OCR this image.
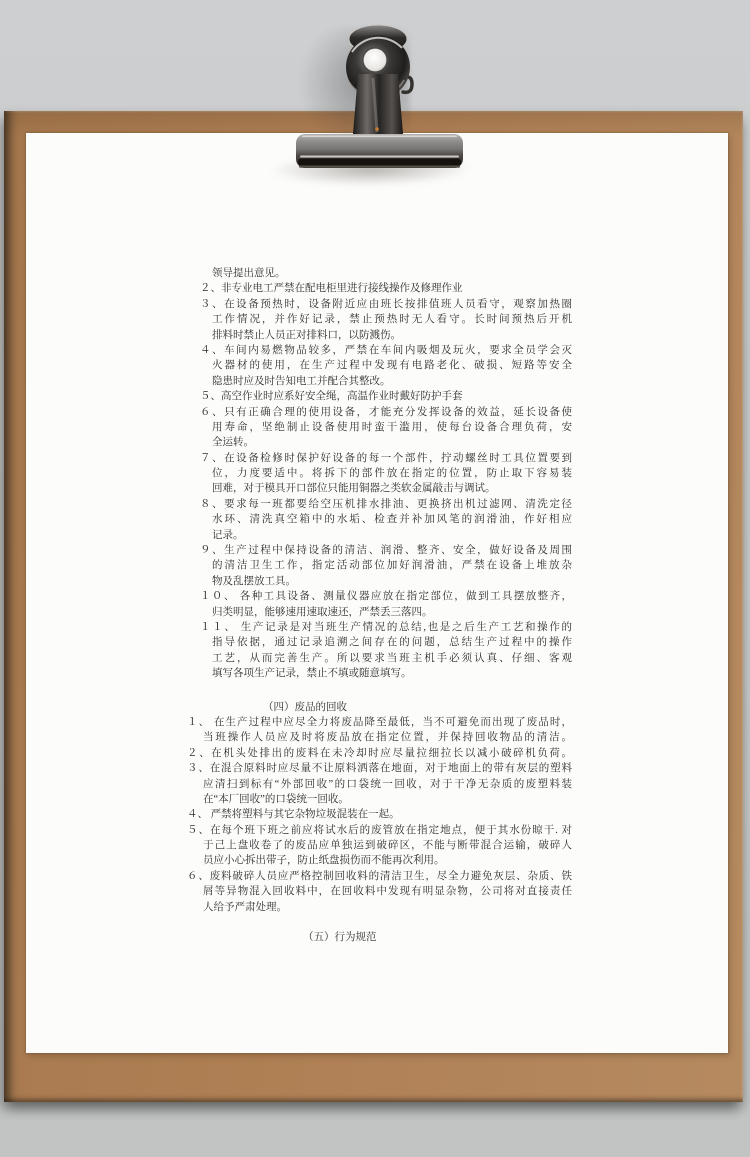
领导提出意见。
２、非专业电工严禁在配电柜里进行接线操作及修理作业
３、在设备预热时，设备附近应由班长按排值班人员看守，观察加热圈
工作情况，并作好记录，禁止预热时无人看守。长时间预热后开机
排料时禁止人员正对排料口，以防溅伤。
４、车间内易燃物品较多，严禁在车间内吸烟及玩火，要求全员学会灭
火器材的使用，在生产过程中发现有电路老化、破损、短路等安全
隐患时应及时告知电工并配合其整改。
５、高空作业时应系好安全绳，高温作业时戴好防护手套
６、只有正确合理的使用设备，才能充分发挥设备的效益，延长设备使
用寿命，坚绝制止设备使用时蛮干滥用，使每台设备合理负荷，安
全运转。
７、在设备检修时保护好设备的每一个部件，拧动螺丝时工具位置要到
位，力度要适中。将拆下的部件放在指定的位置，防止取下容易装
回难，对于模具开口部位只能用铜器之类软金属敲击与调试。
８、要求每一班都要给空压机排水排油、更换挤出机过滤网、清洗定径
水环、清洗真空箱中的水垢、检查并补加风笔的润滑油，作好相应
记录。
９、生产过程中保持设备的清洁、润滑、整齐、安全，做好设备及周围
的清洁卫生工作，指定活动部位加好润滑油，严禁在设备上堆放杂
物及乱摆放工具。
１０、 各种工具设备、测量仪器应放在指定部位，做到工具摆放整齐，
归类明显，能够速用速取速还，严禁丢三落四。
１１、 生产记录是对当班生产情况的总结,也是之后生产工艺和操作的
指导依据，通过记录追溯之间存在的问题，总结生产过程中的操作
工艺，从而完善生产。所以要求当班主机手必须认真、仔细、客观
填写各项生产记录，禁止不填或随意填写。
（四）废品的回收
１、 在生产过程中应尽全力将废品降至最低，当不可避免而出现了废品时，
当班操作人员应及时将废品放在指定位置，并保持回收物品的清洁。
２、在机头处排出的废料在未冷却时应尽量拉细拉长以减小破碎机负荷。
３、在混合原料时应尽量不让原料洒落在地面，对于地面上的带有灰层的塑料
应清扫到标有“外部回收”的口袋统一回收，对于干净无杂质的废塑料装
在“本厂回收”的口袋统一回收。
４、 严禁将塑料与其它杂物垃圾混装在一起。
５、在每个班下班之前应将试水后的废管放在指定地点，便于其水份晾干. 对
于己上盘收卷了的废品应单独运到破碎区，不能与断带混合运输，破碎人
员应小心拆出带子，防止纸盘损伤而不能再次利用。
６、废料破碎人员应严格控制回收料的清洁卫生，尽全力避免灰层、杂质、铁
屑等异物混入回收料中，在回收料中发现有明显杂物，公司将对直接责任
人给予严肃处理。
（五）行为规范
